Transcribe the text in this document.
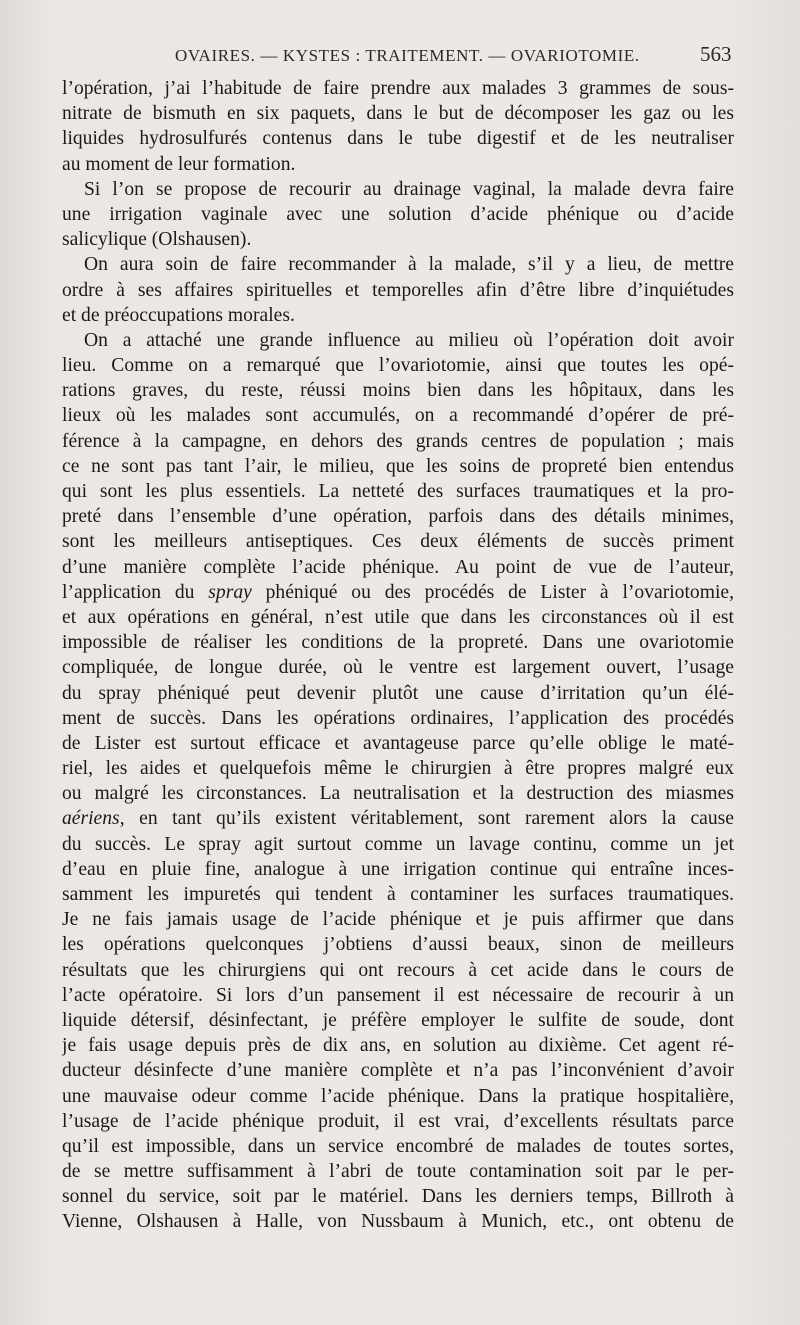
OVAIRES. — KYSTES : TRAITEMENT. — OVARIOTOMIE.	563
l’opération, j’ai l’habitude de faire prendre aux malades 3 grammes de sous-
nitrate de bismuth en six paquets, dans le but de décomposer les gaz ou les
liquides hydrosulfurés contenus dans le tube digestif et de les neutraliser
au moment de leur formation.
Si l’on se propose de recourir au drainage vaginal, la malade devra faire
une irrigation vaginale avec une solution d’acide phénique ou d’acide
salicylique (Olshausen).
On aura soin de faire recommander à la malade, s’il y a lieu, de mettre
ordre à ses affaires spirituelles et temporelles afin d’être libre d’inquiétudes
et de préoccupations morales.
On a attaché une grande influence au milieu où l’opération doit avoir
lieu. Comme on a remarqué que l’ovariotomie, ainsi que toutes les opé-
rations graves, du reste, réussi moins bien dans les hôpitaux, dans les
lieux où les malades sont accumulés, on a recommandé d’opérer de pré-
férence à la campagne, en dehors des grands centres de population ; mais
ce ne sont pas tant l’air, le milieu, que les soins de propreté bien entendus
qui sont les plus essentiels. La netteté des surfaces traumatiques et la pro-
preté dans l’ensemble d’une opération, parfois dans des détails minimes,
sont les meilleurs antiseptiques. Ces deux éléments de succès priment
d’une manière complète l’acide phénique. Au point de vue de l’auteur,
l’application du spray phéniqué ou des procédés de Lister à l’ovariotomie,
et aux opérations en général, n’est utile que dans les circonstances où il est
impossible de réaliser les conditions de la propreté. Dans une ovariotomie
compliquée, de longue durée, où le ventre est largement ouvert, l’usage
du spray phéniqué peut devenir plutôt une cause d’irritation qu’un élé-
ment de succès. Dans les opérations ordinaires, l’application des procédés
de Lister est surtout efficace et avantageuse parce qu’elle oblige le maté-
riel, les aides et quelquefois même le chirurgien à être propres malgré eux
ou malgré les circonstances. La neutralisation et la destruction des miasmes
aériens, en tant qu’ils existent véritablement, sont rarement alors la cause
du succès. Le spray agit surtout comme un lavage continu, comme un jet
d’eau en pluie fine, analogue à une irrigation continue qui entraîne inces-
samment les impuretés qui tendent à contaminer les surfaces traumatiques.
Je ne fais jamais usage de l’acide phénique et je puis affirmer que dans
les opérations quelconques j’obtiens d’aussi beaux, sinon de meilleurs
résultats que les chirurgiens qui ont recours à cet acide dans le cours de
l’acte opératoire. Si lors d’un pansement il est nécessaire de recourir à un
liquide détersif, désinfectant, je préfère employer le sulfite de soude, dont
je fais usage depuis près de dix ans, en solution au dixième. Cet agent ré-
ducteur désinfecte d’une manière complète et n’a pas l’inconvénient d’avoir
une mauvaise odeur comme l’acide phénique. Dans la pratique hospitalière,
l’usage de l’acide phénique produit, il est vrai, d’excellents résultats parce
qu’il est impossible, dans un service encombré de malades de toutes sortes,
de se mettre suffisamment à l’abri de toute contamination soit par le per-
sonnel du service, soit par le matériel. Dans les derniers temps, Billroth à
Vienne, Olshausen à Halle, von Nussbaum à Munich, etc., ont obtenu de
